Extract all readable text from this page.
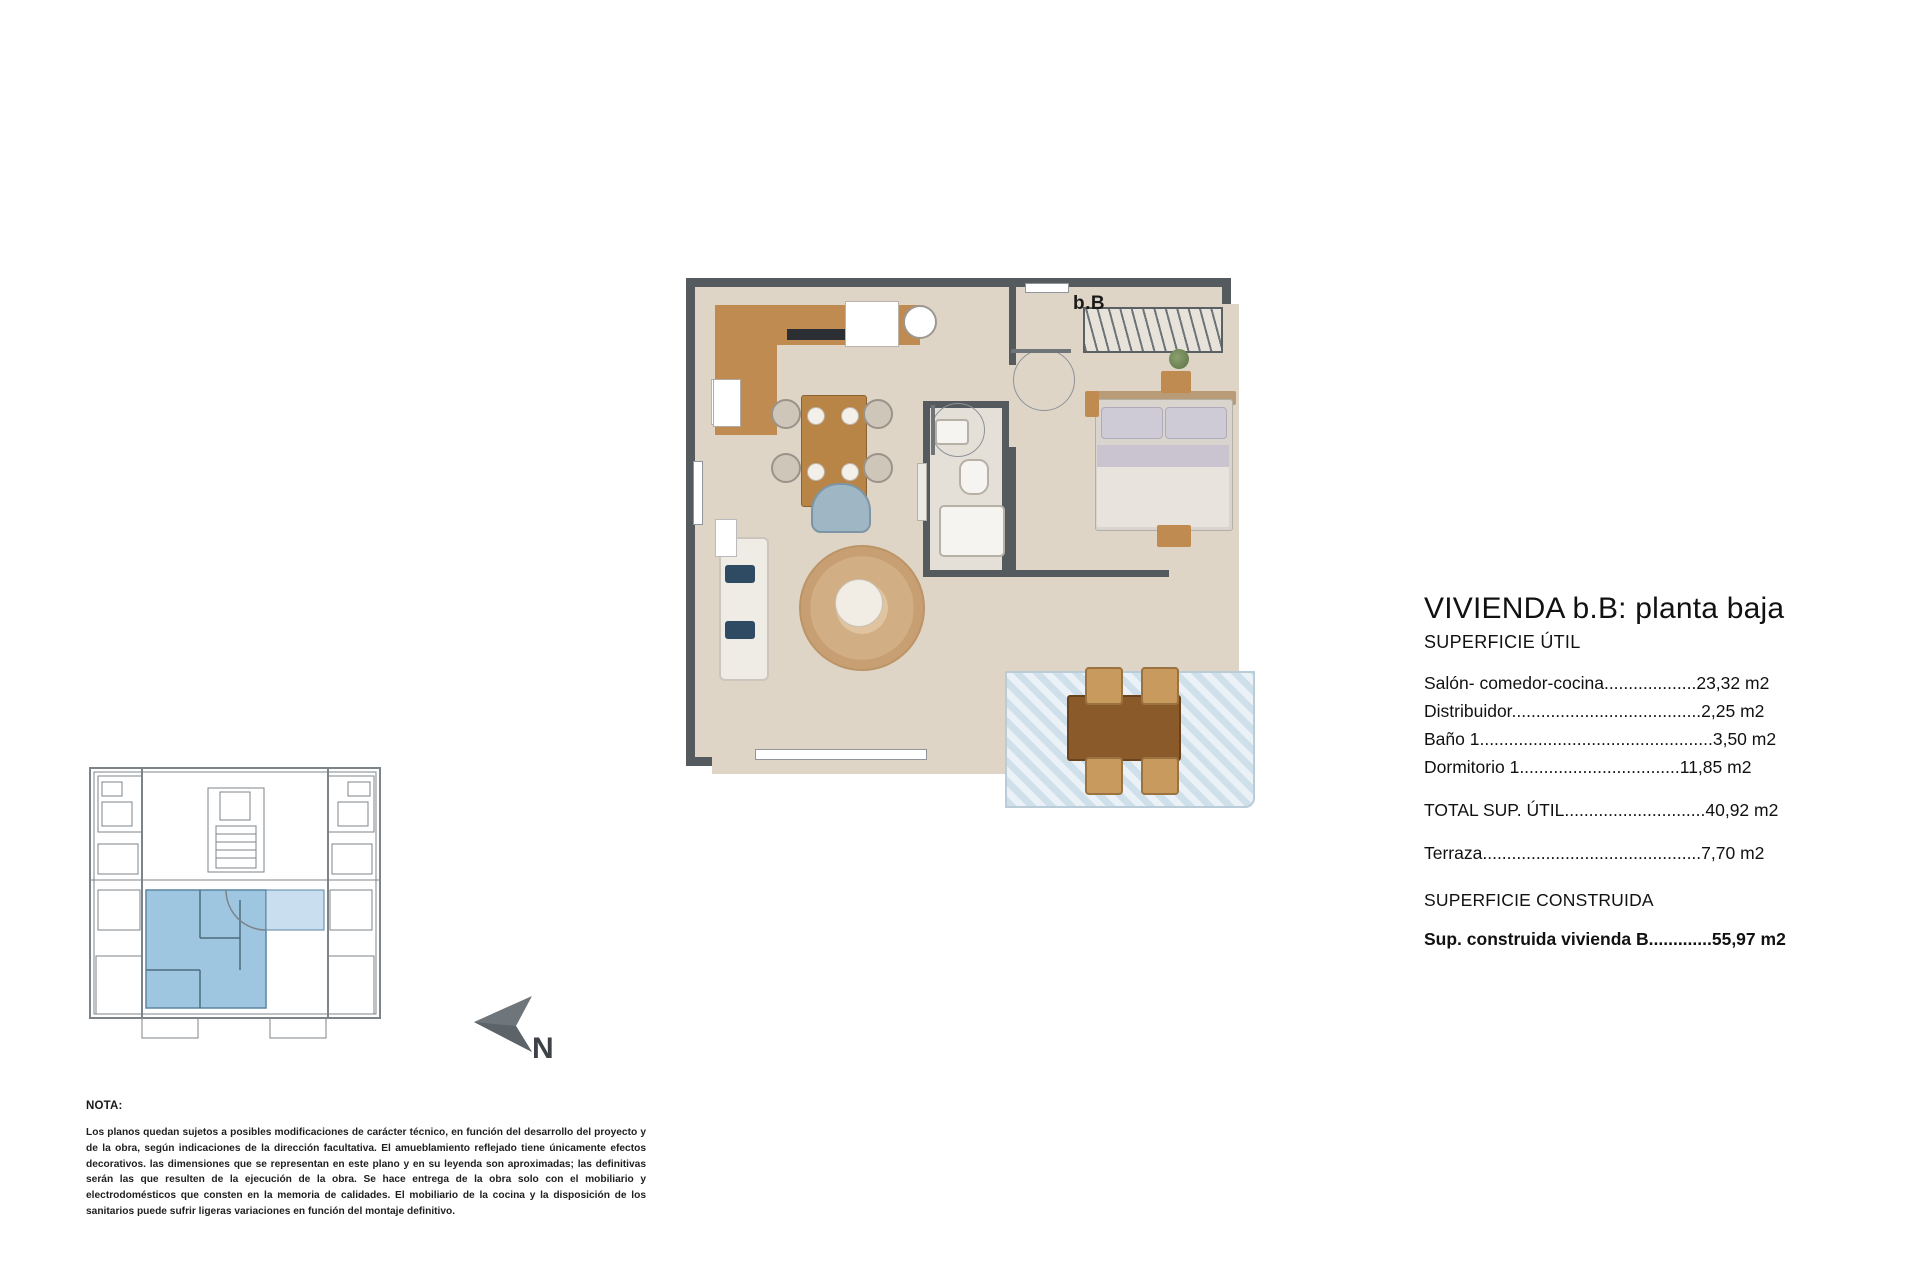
b.B
VIVIENDA b.B: planta baja
SUPERFICIE ÚTIL
Salón- comedor-cocina...................23,32 m2
Distribuidor.......................................2,25 m2
Baño 1................................................3,50 m2
Dormitorio 1.................................11,85 m2
TOTAL SUP. ÚTIL.............................40,92 m2
Terraza.............................................7,70 m2
SUPERFICIE CONSTRUIDA
Sup. construida vivienda B.............55,97 m2
N
NOTA:
Los planos quedan sujetos a posibles modificaciones de carácter técnico, en función del desarrollo del proyecto y de la obra, según indicaciones de la dirección facultativa. El amueblamiento reflejado tiene únicamente efectos decorativos. las dimensiones que se representan en este plano y en su leyenda son aproximadas; las definitivas serán las que resulten de la ejecución de la obra. Se hace entrega de la obra solo con el mobiliario y electrodomésticos que consten en la memoria de calidades. El mobiliario de la cocina y la disposición de los sanitarios puede sufrir ligeras variaciones en función del montaje definitivo.
